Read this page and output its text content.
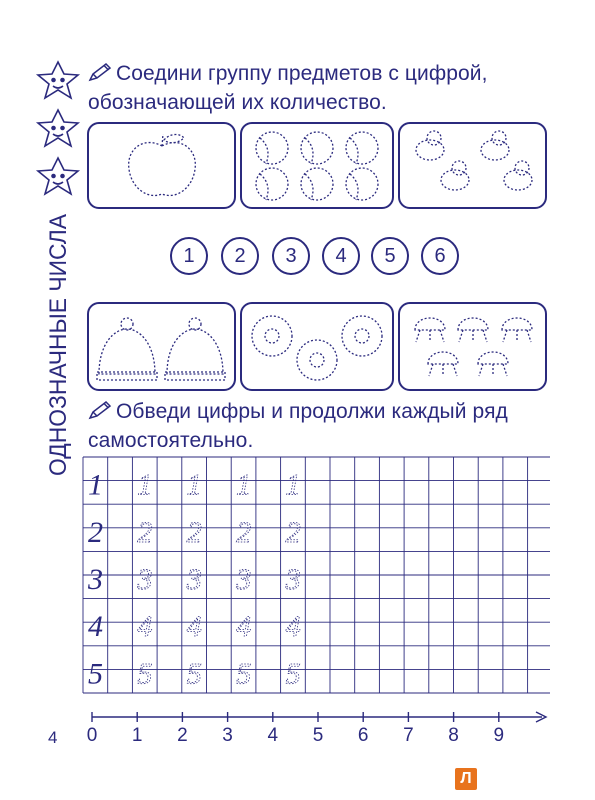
ОДНОЗНАЧНЫЕ ЧИСЛА
Соедини группу предметов с цифрой,
обозначающей их количество.
1	2	3	4	5	6
Обведи цифры и продолжи каждый ряд
самостоятельно.
1 1 1 1 1
2 2 2 2 2
3 3 3 3 3
4 4 4 4 4
5 5 5 5 5
0 1 2 3 4 5 6 7 8 9
4
Л
